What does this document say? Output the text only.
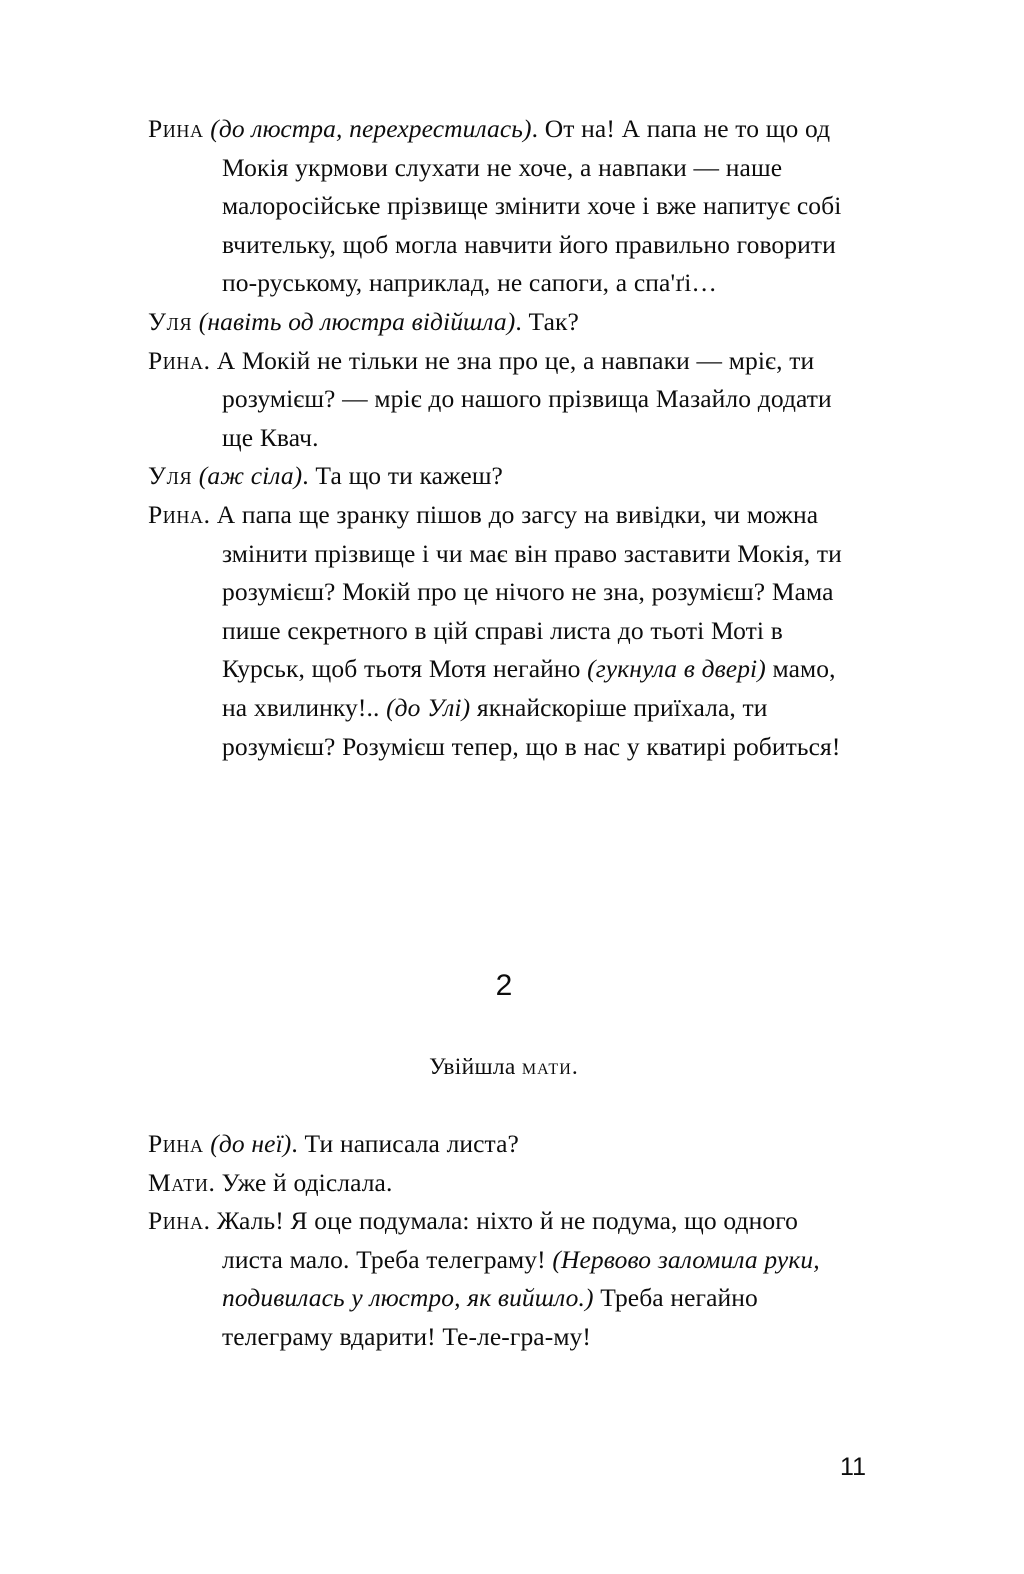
Рина (до люстра, перехрестилась). От на! А папа не то що од Мокія укрмови слухати не хоче, а навпаки — наше малоросійське прізвище змінити хоче і вже напитує собі вчительку, щоб могла навчити його правильно говорити по-руському, наприклад, не сапоги, а спа'ґі…

Уля (навіть од люстра відійшла). Так?

Рина. А Мокій не тільки не зна про це, а навпаки — мріє, ти розумієш? — мріє до нашого прізвища Мазайло додати ще Квач.

Уля (аж сіла). Та що ти кажеш?

Рина. А папа ще зранку пішов до загсу на вивідки, чи можна змінити прізвище і чи має він право заставити Мокія, ти розумієш? Мокій про це нічого не зна, розумієш? Мама пише секретного в цій справі листа до тьоті Моті в Курськ, щоб тьотя Мотя негайно (гукнула в двері) мамо, на хвилинку!.. (до Улі) якнайскоріше приїхала, ти розумієш? Розумієш тепер, що в нас у кватирі робиться!

2
Увійшла мати.

Рина (до неї). Ти написала листа?

Мати. Уже й одіслала.

Рина. Жаль! Я оце подумала: ніхто й не подума, що одного листа мало. Треба телеграму! (Нервово заломила руки, подивилась у люстро, як вийшло.) Треба негайно телеграму вдарити! Те-ле-гра-му!

11
